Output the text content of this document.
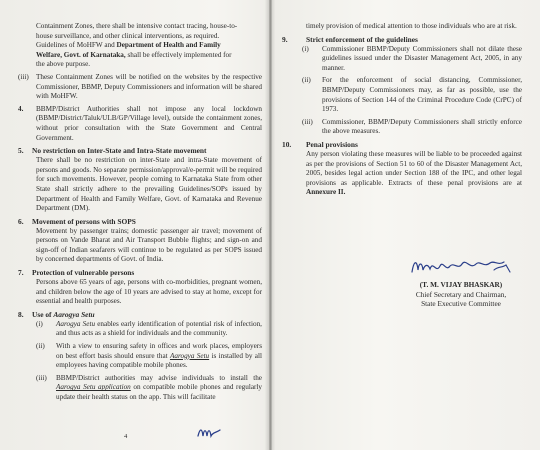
Containment Zones, there shall be intensive contact tracing, house-to-

house surveillance, and other clinical interventions, as required.

Guidelines of MoHFW and Department of Health and Family

Welfare, Govt. of Karnataka, shall be effectively implemented for

the above purpose.

(iii)	These Containment Zones will be notified on the websites by the respective Commissioner, BBMP, Deputy Commissioners and information will be shared with MoHFW.

4.	BBMP/District Authorities shall not impose any local lockdown (BBMP/District/Taluk/ULB/GP/Village level), outside the containment zones, without prior consultation with the State Government and Central Government.

5. No restriction on Inter-State and Intra-State movement

There shall be no restriction on inter-State and intra-State movement of persons and goods. No separate permission/approval/e-permit will be required for such movements. However, people coming to Karnataka State from other State shall strictly adhere to the prevailing Guidelines/SOPs issued by Department of Health and Family Welfare, Govt. of Karnataka and Revenue Department (DM).

6. Movement of persons with SOPS

Movement by passenger trains; domestic passenger air travel; movement of persons on Vande Bharat and Air Transport Bubble flights; and sign-on and sign-off of Indian seafarers will continue to be regulated as per SOPS issued by concerned departments of Govt. of India.

7. Protection of vulnerable persons

Persons above 65 years of age, persons with co-morbidities, pregnant women, and children below the age of 10 years are advised to stay at home, except for essential and health purposes.

8. Use of Aarogya Setu
(i)	Aarogya Setu enables early identification of potential risk of infection, and thus acts as a shield for individuals and the community.

(ii)	With a view to ensuring safety in offices and work places, employers on best effort basis should ensure that Aarogya Setu is installed by all employees having compatible mobile phones.

(iii)	BBMP/District authorities may advise individuals to install the Aarogya Setu application on compatible mobile phones and regularly update their health status on the app. This will facilitate

4

timely provision of medical attention to those individuals who are at risk.

9. Strict enforcement of the guidelines
(i)	Commissioner BBMP/Deputy Commissioners shall not dilate these guidelines issued under the Disaster Management Act, 2005, in any manner.

(ii)	For the enforcement of social distancing, Commissioner, BBMP/Deputy Commissioners may, as far as possible, use the provisions of Section 144 of the Criminal Procedure Code (CrPC) of 1973.

(iii)	Commissioner, BBMP/Deputy Commissioners shall strictly enforce the above measures.

10. Penal provisions

Any person violating these measures will be liable to be proceeded against as per the provisions of Section 51 to 60 of the Disaster Management Act, 2005, besides legal action under Section 188 of the IPC, and other legal provisions as applicable. Extracts of these penal provisions are at Annexure II.

(T. M. VIJAY BHASKAR)
Chief Secretary and Chairman,
State Executive Committee
